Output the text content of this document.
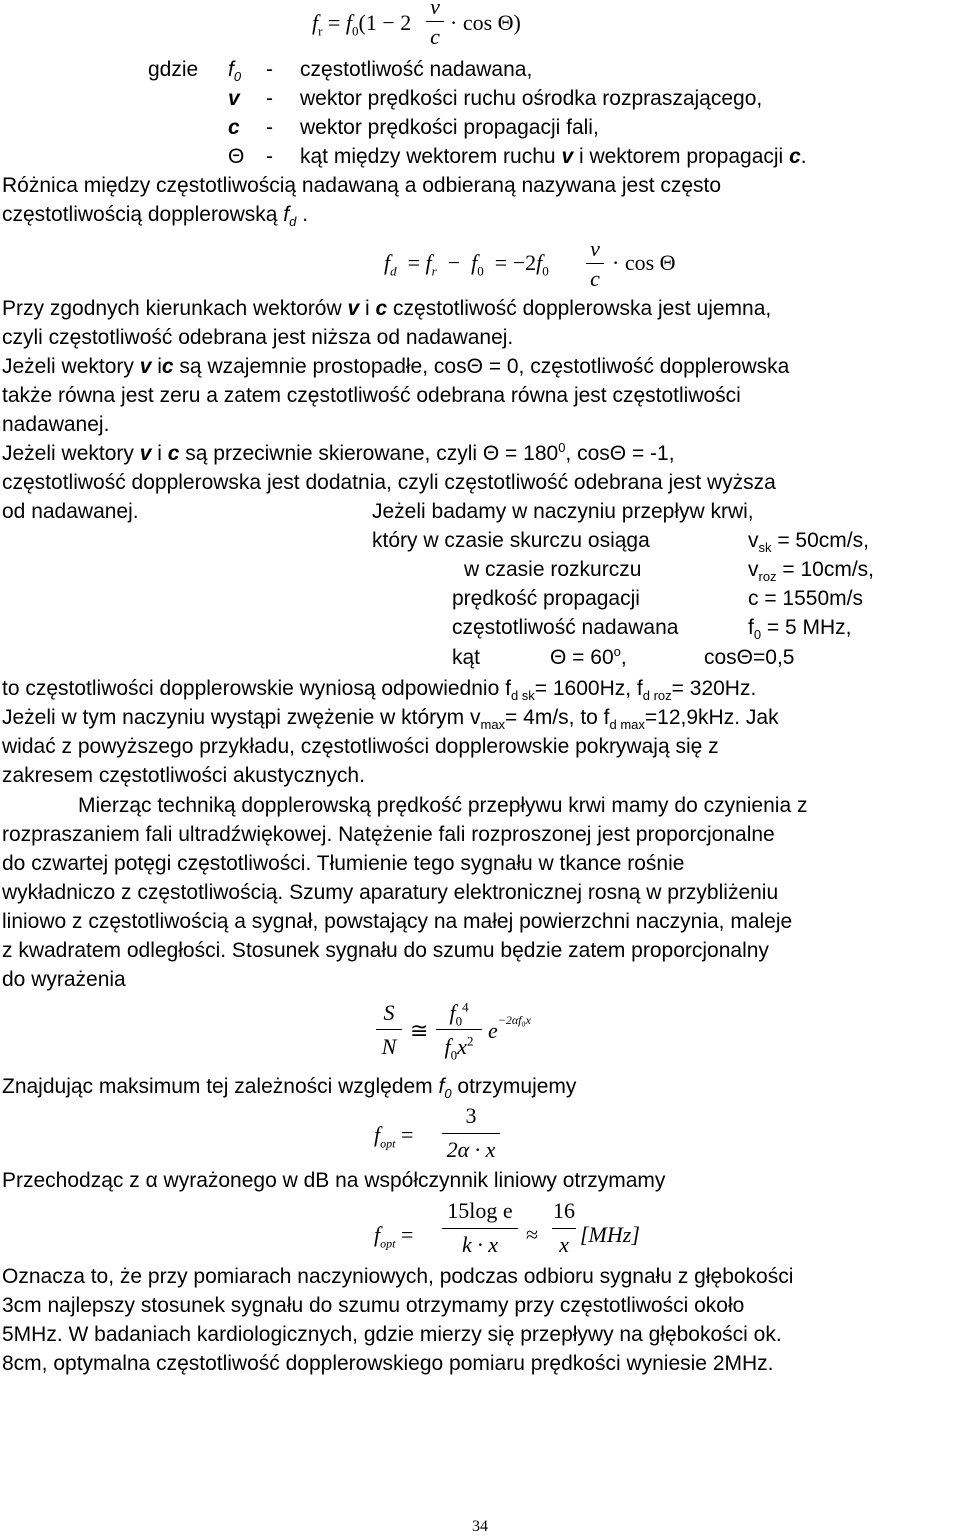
$f_r = f_0(1 - 2$
v
c
· cos Θ)
gdzie $f_0$ - częstotliwość nadawana,
v - wektor prędkości ruchu ośrodka rozpraszającego,
c - wektor prędkości propagacji fali,
Θ - kąt między wektorem ruchu v i wektorem propagacji c.
Różnica między częstotliwością nadawaną a odbieraną nazywana jest często
częstotliwością dopplerowską $f_d$ .
$f_d = f_r - f_0 = -2f_0$
v
c
· cos Θ
Przy zgodnych kierunkach wektorów v i c częstotliwość dopplerowska jest ujemna,
czyli częstotliwość odebrana jest niższa od nadawanej.
Jeżeli wektory v ic są wzajemnie prostopadłe, cosΘ = 0, częstotliwość dopplerowska
także równa jest zeru a zatem częstotliwość odebrana równa jest częstotliwości
nadawanej.
Jeżeli wektory v i c są przeciwnie skierowane, czyli $\Theta = 180^0$, cosΘ = -1,
częstotliwość dopplerowska jest dodatnia, czyli częstotliwość odebrana jest wyższa
od nadawanej.	Jeżeli badamy w naczyniu przepływ krwi,
który w czasie skurczu osiąga	$v_{sk} = 50cm/s$,
w czasie rozkurczu	$v_{roz} = 10cm/s$,
prędkość propagacji	c = 1550m/s
częstotliwość nadawana	$f_0 = 5$ MHz,
kąt	$\Theta = 60^o$,	cosΘ=0,5
to częstotliwości dopplerowskie wyniosą odpowiednio $f_{d sk}= 1600Hz$, $f_{d roz}= 320Hz$.
Jeżeli w tym naczyniu wystąpi zwężenie w którym $v_{max}= 4m/s$, to $f_{d max}=12,9kHz$. Jak
widać z powyższego przykładu, częstotliwości dopplerowskie pokrywają się z
zakresem częstotliwości akustycznych.
Mierząc techniką dopplerowską prędkość przepływu krwi mamy do czynienia z
rozpraszaniem fali ultradźwiękowej. Natężenie fali rozproszonej jest proporcjonalne
do czwartej potęgi częstotliwości. Tłumienie tego sygnału w tkance rośnie
wykładniczo z częstotliwością. Szumy aparatury elektronicznej rosną w przybliżeniu
liniowo z częstotliwością a sygnał, powstający na małej powierzchni naczynia, maleje
z kwadratem odległości. Stosunek sygnału do szumu będzie zatem proporcjonalny
do wyrażenia
S
N
≅
$f_0^4$
$f_0x^2$ $e^{-2\alpha f_0x}$
Znajdując maksimum tej zależności względem $f_0$ otrzymujemy
$f_{opt}$ =
3
2α · x
Przechodząc z α wyrażonego w dB na współczynnik liniowy otrzymamy
$f_{opt}$ =
15log e
k · x	≈
16
x [MHz]
Oznacza to, że przy pomiarach naczyniowych, podczas odbioru sygnału z głębokości
3cm najlepszy stosunek sygnału do szumu otrzymamy przy częstotliwości około
5MHz. W badaniach kardiologicznych, gdzie mierzy się przepływy na głębokości ok.
8cm, optymalna częstotliwość dopplerowskiego pomiaru prędkości wyniesie 2MHz.
34
